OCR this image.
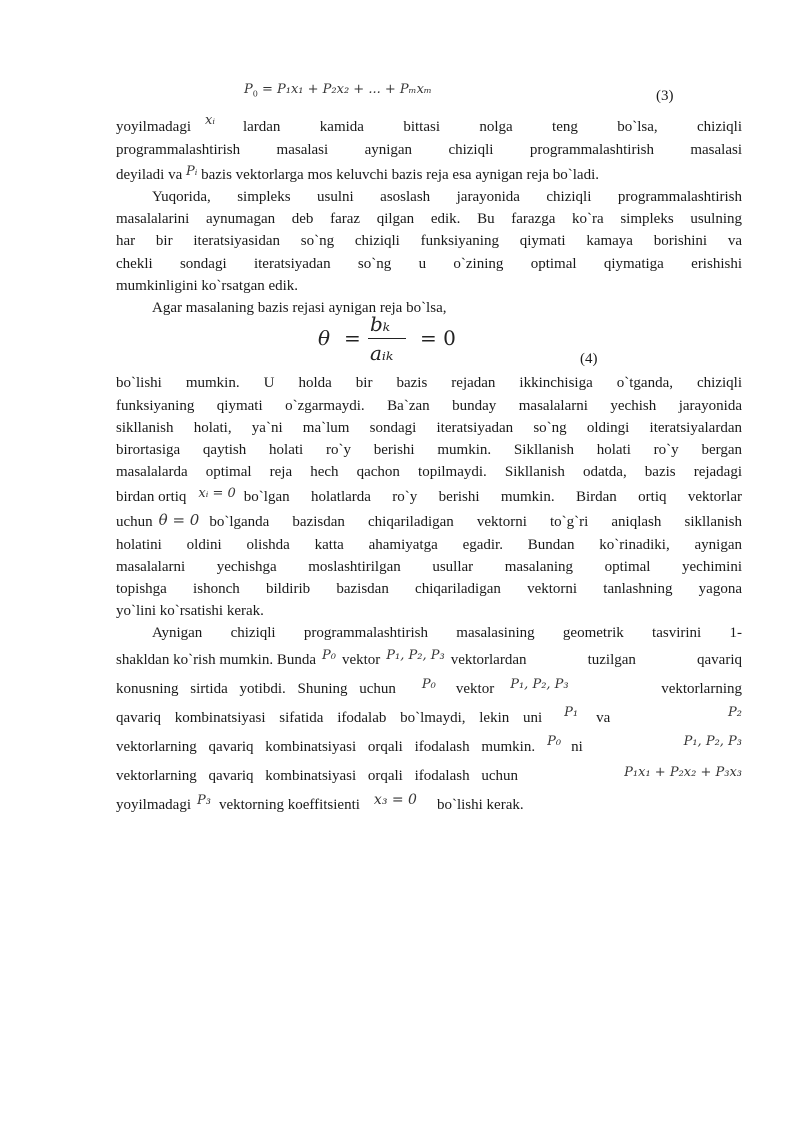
$P_0 = P_1x_1 + P_2x_2$ + ... + Pₘxₘ	(3)
yoyilmadagi xᵢ lardan kamida bittasi nolga teng bo`lsa, chiziqli
programmalashtirish masalasi aynigan chiziqli programmalashtirish masalasi
deyiladi va Pᵢ bazis vektorlarga mos keluvchi bazis reja esa aynigan reja bo`ladi.
Yuqorida, simpleks usulni asoslash jarayonida chiziqli programmalashtirish
masalalarini aynumagan deb faraz qilgan edik. Bu farazga ko`ra simpleks usulning
har bir iteratsiyasidan so`ng chiziqli funksiyaning qiymati kamaya borishini va
chekli sondagi iteratsiyadan so`ng u o`zining optimal qiymatiga erishishi
mumkinligini ko`rsatgan edik.
Agar masalaning bazis rejasi aynigan reja bo`lsa,
θ =
bₖ
aᵢₖ
= 0
(4)
bo`lishi mumkin. U holda bir bazis rejadan ikkinchisiga o`tganda, chiziqli
funksiyaning qiymati o`zgarmaydi. Ba`zan bunday masalalarni yechish jarayonida
sikllanish holati, ya`ni ma`lum sondagi iteratsiyadan so`ng oldingi iteratsiyalardan
birortasiga qaytish holati ro`y berishi mumkin. Sikllanish holati ro`y bergan
masalalarda optimal reja hech qachon topilmaydi. Sikllanish odatda, bazis rejadagi
birdan ortiq xᵢ = 0 bo`lgan holatlarda ro`y berishi mumkin. Birdan ortiq vektorlar
uchun θ = 0 bo`lganda bazisdan chiqariladigan vektorni to`g`ri aniqlash sikllanish
holatini oldini olishda katta ahamiyatga egadir. Bundan ko`rinadiki, aynigan
masalalarni yechishga moslashtirilgan usullar masalaning optimal yechimini
topishga ishonch bildirib bazisdan chiqariladigan vektorni tanlashning yagona
yo`lini ko`rsatishi kerak.
Aynigan chiziqli programmalashtirish masalasining geometrik tasvirini 1-
shakldan ko`rish mumkin. Bunda P₀ vektor P₁, P₂, P₃ vektorlardan tuzilgan qavariq
konusning sirtida yotibdi. Shuning uchun P₀ vektor P₁, P₂, P₃	vektorlarning
qavariq kombinatsiyasi sifatida ifodalab bo`lmaydi, lekin uni P₁ va	P₂
vektorlarning qavariq kombinatsiyasi orqali ifodalash mumkin. P₀ ni	P₁, P₂, P₃
vektorlarning qavariq kombinatsiyasi orqali ifodalash uchun	P₁x₁ + P₂x₂ + P₃x₃
yoyilmadagi P₃ vektorning koeffitsienti x₃ = 0 bo`lishi kerak.
